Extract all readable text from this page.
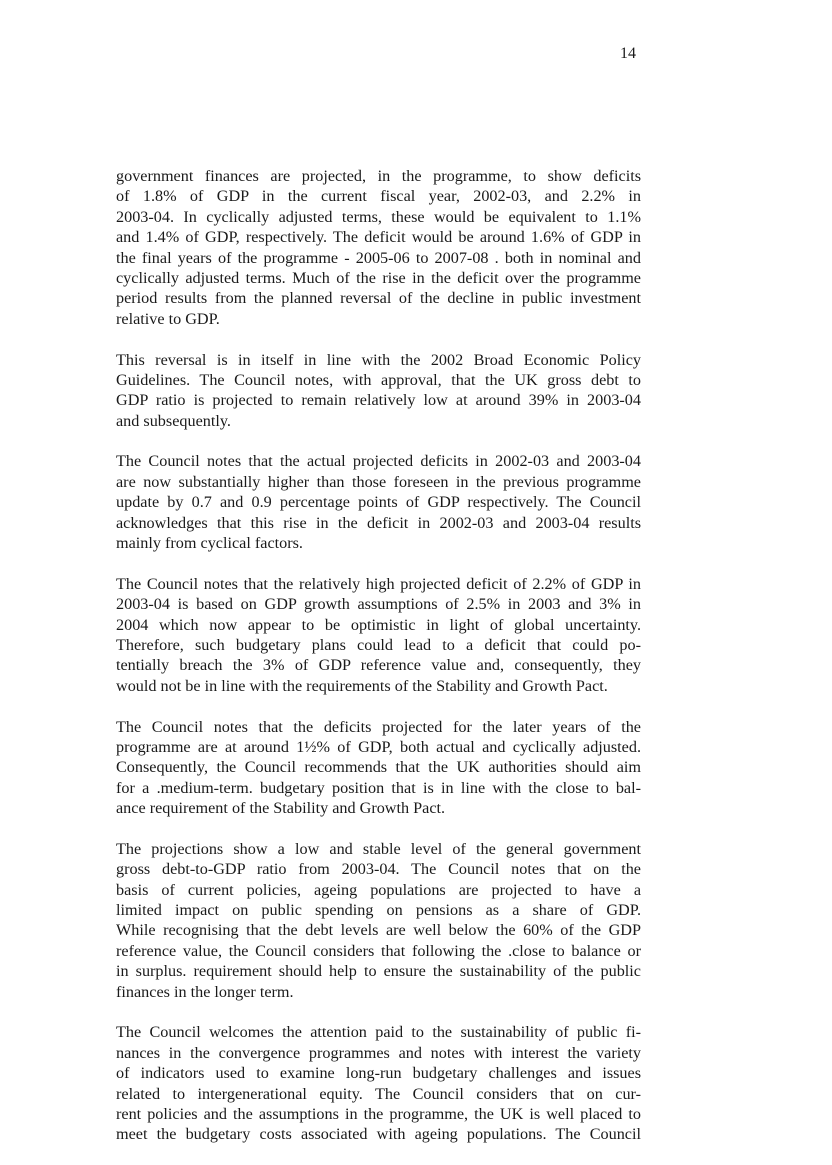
14

government finances are projected, in the programme, to show deficits
of 1.8% of GDP in the current fiscal year, 2002-03, and 2.2% in
2003-04. In cyclically adjusted terms, these would be equivalent to 1.1%
and 1.4% of GDP, respectively. The deficit would be around 1.6% of GDP in
the final years of the programme - 2005-06 to 2007-08 . both in nominal and
cyclically adjusted terms. Much of the rise in the deficit over the programme
period results from the planned reversal of the decline in public investment
relative to GDP.

This reversal is in itself in line with the 2002 Broad Economic Policy
Guidelines. The Council notes, with approval, that the UK gross debt to
GDP ratio is projected to remain relatively low at around 39% in 2003-04
and subsequently.

The Council notes that the actual projected deficits in 2002-03 and 2003-04
are now substantially higher than those foreseen in the previous programme
update by 0.7 and 0.9 percentage points of GDP respectively. The Council
acknowledges that this rise in the deficit in 2002-03 and 2003-04 results
mainly from cyclical factors.

The Council notes that the relatively high projected deficit of 2.2% of GDP in
2003-04 is based on GDP growth assumptions of 2.5% in 2003 and 3% in
2004 which now appear to be optimistic in light of global uncertainty.
Therefore, such budgetary plans could lead to a deficit that could po-
tentially breach the 3% of GDP reference value and, consequently, they
would not be in line with the requirements of the Stability and Growth Pact.

The Council notes that the deficits projected for the later years of the
programme are at around 1½% of GDP, both actual and cyclically adjusted.
Consequently, the Council recommends that the UK authorities should aim
for a .medium-term. budgetary position that is in line with the close to bal-
ance requirement of the Stability and Growth Pact.

The projections show a low and stable level of the general government
gross debt-to-GDP ratio from 2003-04. The Council notes that on the
basis of current policies, ageing populations are projected to have a
limited impact on public spending on pensions as a share of GDP.
While recognising that the debt levels are well below the 60% of the GDP
reference value, the Council considers that following the .close to balance or
in surplus. requirement should help to ensure the sustainability of the public
finances in the longer term.

The Council welcomes the attention paid to the sustainability of public fi-
nances in the convergence programmes and notes with interest the variety
of indicators used to examine long-run budgetary challenges and issues
related to intergenerational equity. The Council considers that on cur-
rent policies and the assumptions in the programme, the UK is well placed to
meet the budgetary costs associated with ageing populations. The Council
